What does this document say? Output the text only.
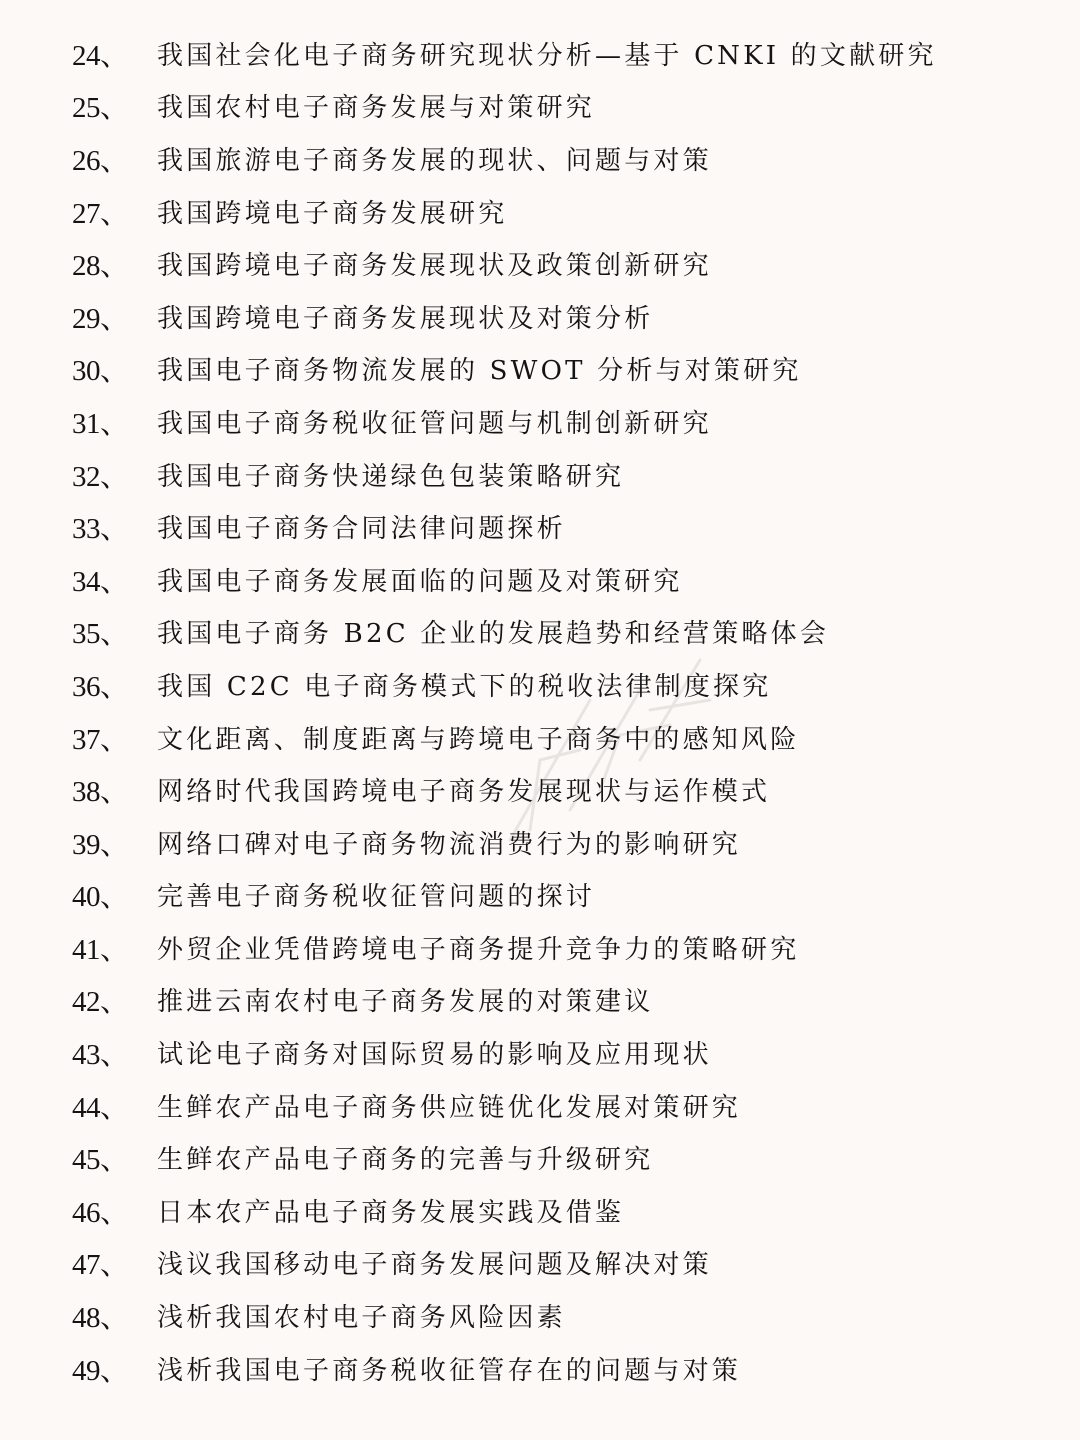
24、 我国社会化电子商务研究现状分析—基于 CNKI 的文献研究
25、 我国农村电子商务发展与对策研究
26、 我国旅游电子商务发展的现状、问题与对策
27、 我国跨境电子商务发展研究
28、 我国跨境电子商务发展现状及政策创新研究
29、 我国跨境电子商务发展现状及对策分析
30、 我国电子商务物流发展的 SWOT 分析与对策研究
31、 我国电子商务税收征管问题与机制创新研究
32、 我国电子商务快递绿色包装策略研究
33、 我国电子商务合同法律问题探析
34、 我国电子商务发展面临的问题及对策研究
35、 我国电子商务 B2C 企业的发展趋势和经营策略体会
36、 我国 C2C 电子商务模式下的税收法律制度探究
37、 文化距离、制度距离与跨境电子商务中的感知风险
38、 网络时代我国跨境电子商务发展现状与运作模式
39、 网络口碑对电子商务物流消费行为的影响研究
40、 完善电子商务税收征管问题的探讨
41、 外贸企业凭借跨境电子商务提升竞争力的策略研究
42、 推进云南农村电子商务发展的对策建议
43、 试论电子商务对国际贸易的影响及应用现状
44、 生鲜农产品电子商务供应链优化发展对策研究
45、 生鲜农产品电子商务的完善与升级研究
46、 日本农产品电子商务发展实践及借鉴
47、 浅议我国移动电子商务发展问题及解决对策
48、 浅析我国农村电子商务风险因素
49、 浅析我国电子商务税收征管存在的问题与对策
